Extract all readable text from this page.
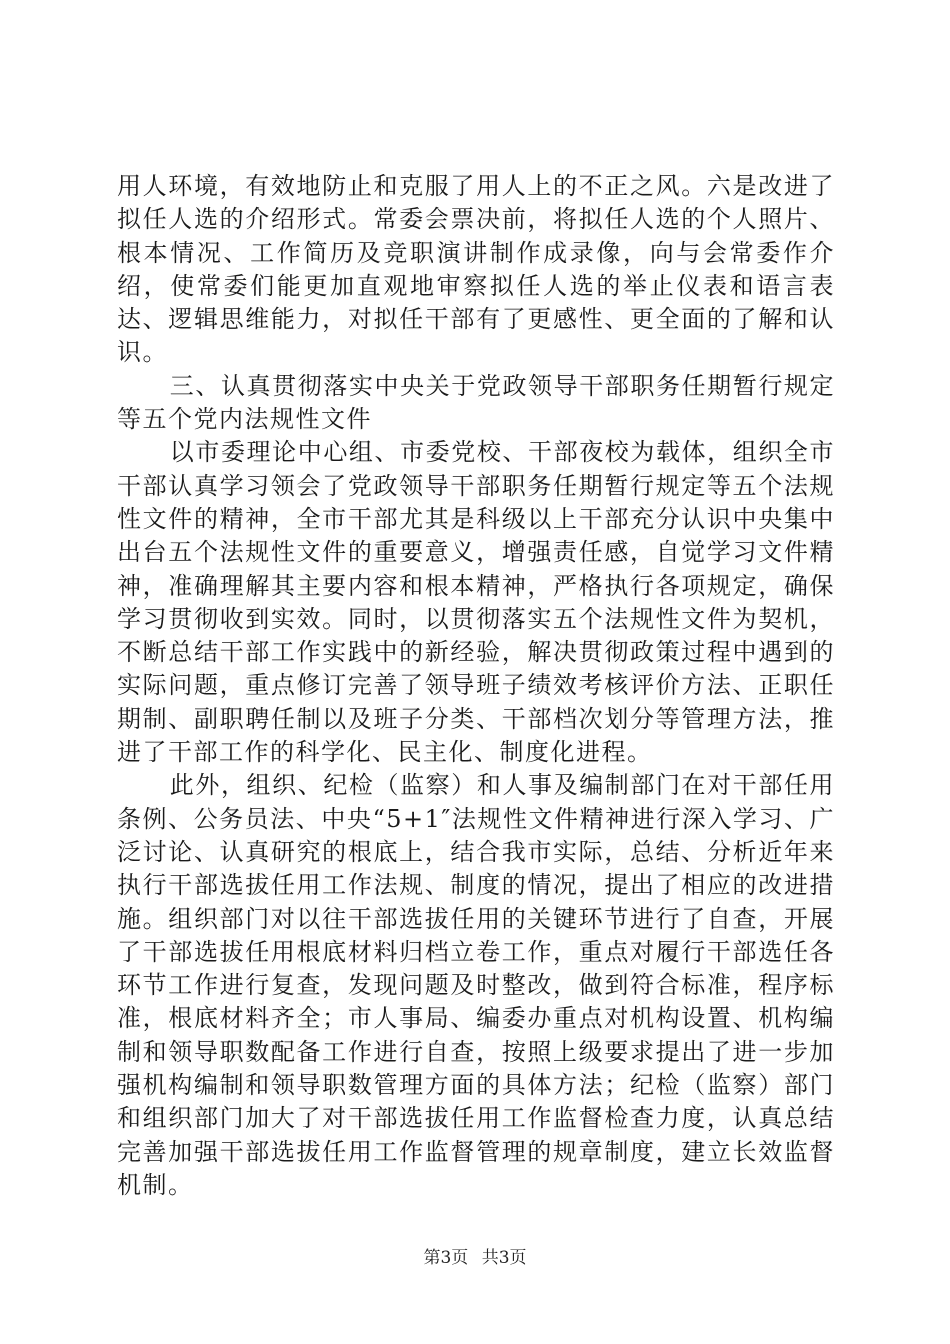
用人环境，有效地防止和克服了用人上的不正之风。六是改进了拟任人选的介绍形式。常委会票决前，将拟任人选的个人照片、根本情况、工作简历及竞职演讲制作成录像，向与会常委作介绍，使常委们能更加直观地审察拟任人选的举止仪表和语言表达、逻辑思维能力，对拟任干部有了更感性、更全面的了解和认识。

三、认真贯彻落实中央关于党政领导干部职务任期暂行规定等五个党内法规性文件

以市委理论中心组、市委党校、干部夜校为载体，组织全市干部认真学习领会了党政领导干部职务任期暂行规定等五个法规性文件的精神，全市干部尤其是科级以上干部充分认识中央集中出台五个法规性文件的重要意义，增强责任感，自觉学习文件精神，准确理解其主要内容和根本精神，严格执行各项规定，确保学习贯彻收到实效。同时，以贯彻落实五个法规性文件为契机，不断总结干部工作实践中的新经验，解决贯彻政策过程中遇到的实际问题，重点修订完善了领导班子绩效考核评价方法、正职任期制、副职聘任制以及班子分类、干部档次划分等管理方法，推进了干部工作的科学化、民主化、制度化进程。

此外，组织、纪检（监察）和人事及编制部门在对干部任用条例、公务员法、中央“5+1″法规性文件精神进行深入学习、广泛讨论、认真研究的根底上，结合我市实际，总结、分析近年来执行干部选拔任用工作法规、制度的情况，提出了相应的改进措施。组织部门对以往干部选拔任用的关键环节进行了自查，开展了干部选拔任用根底材料归档立卷工作，重点对履行干部选任各环节工作进行复查，发现问题及时整改，做到符合标准，程序标准，根底材料齐全；市人事局、编委办重点对机构设置、机构编制和领导职数配备工作进行自查，按照上级要求提出了进一步加强机构编制和领导职数管理方面的具体方法；纪检（监察）部门和组织部门加大了对干部选拔任用工作监督检查力度，认真总结完善加强干部选拔任用工作监督管理的规章制度，建立长效监督机制。

第3页 共3页
